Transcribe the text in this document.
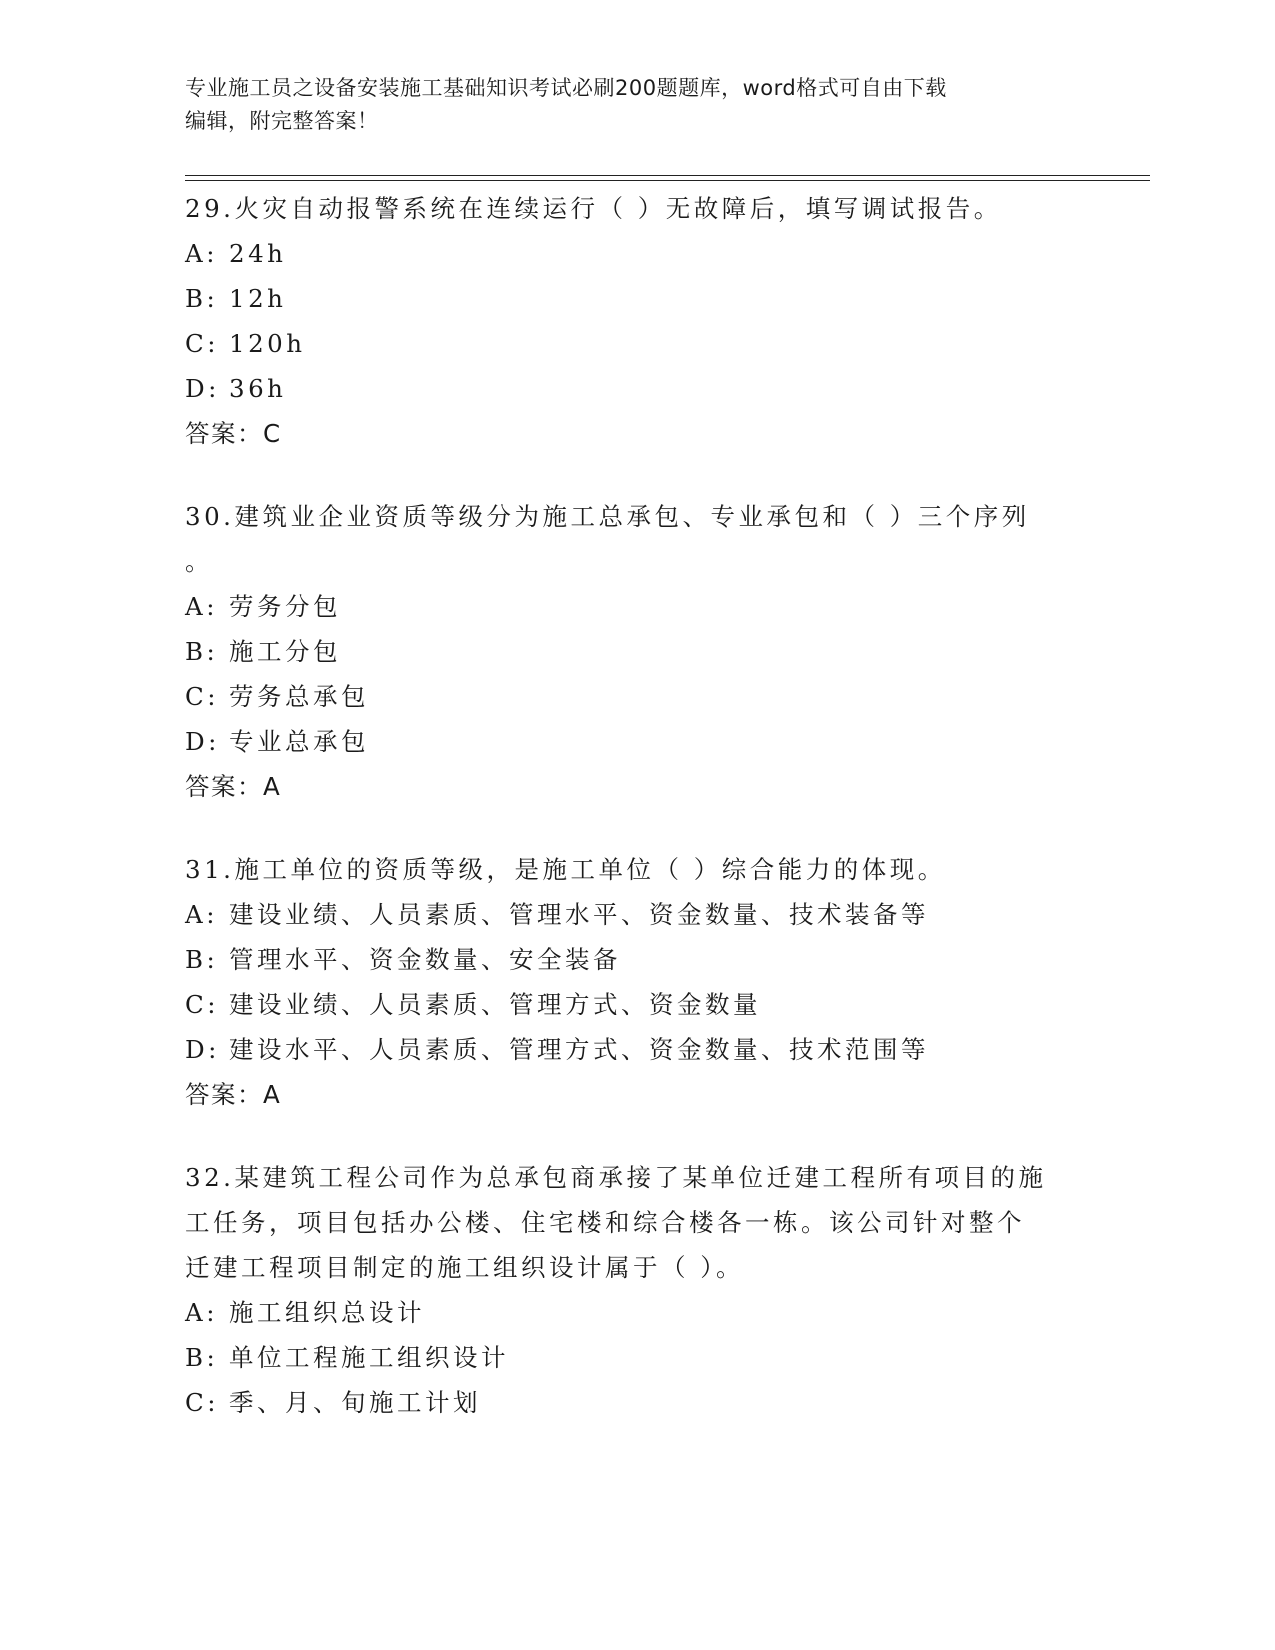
专业施工员之设备安装施工基础知识考试必刷200题题库，word格式可自由下载
编辑，附完整答案！
29.火灾自动报警系统在连续运行（ ）无故障后，填写调试报告。
A: 24h
B: 12h
C: 120h
D: 36h
答案：C
30.建筑业企业资质等级分为施工总承包、专业承包和（ ）三个序列
。
A: 劳务分包
B: 施工分包
C: 劳务总承包
D: 专业总承包
答案：A
31.施工单位的资质等级，是施工单位（ ）综合能力的体现。
A: 建设业绩、人员素质、管理水平、资金数量、技术装备等
B: 管理水平、资金数量、安全装备
C: 建设业绩、人员素质、管理方式、资金数量
D: 建设水平、人员素质、管理方式、资金数量、技术范围等
答案：A
32.某建筑工程公司作为总承包商承接了某单位迁建工程所有项目的施
工任务，项目包括办公楼、住宅楼和综合楼各一栋。该公司针对整个
迁建工程项目制定的施工组织设计属于（ ）。
A: 施工组织总设计
B: 单位工程施工组织设计
C: 季、月、旬施工计划
